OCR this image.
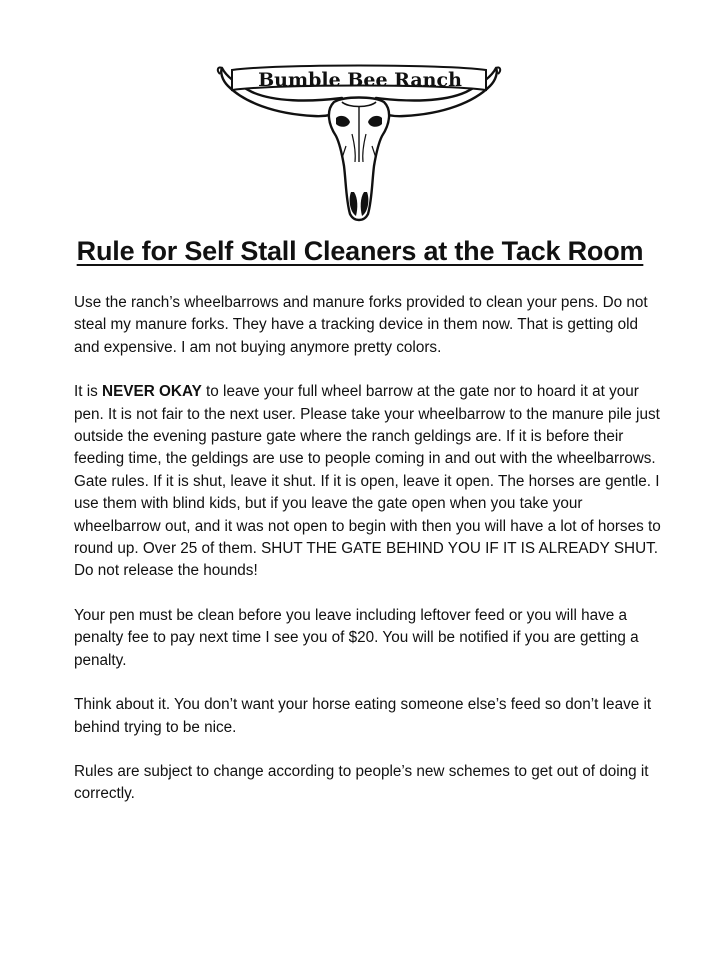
Bumble Bee Ranch
Rule for Self Stall Cleaners at the Tack Room

Use the ranch’s wheelbarrows and manure forks provided to clean your pens. Do not steal my manure forks. They have a tracking device in them now. That is getting old and expensive. I am not buying anymore pretty colors.

It is NEVER OKAY to leave your full wheel barrow at the gate nor to hoard it at your pen. It is not fair to the next user. Please take your wheelbarrow to the manure pile just outside the evening pasture gate where the ranch geldings are. If it is before their feeding time, the geldings are use to people coming in and out with the wheelbarrows. Gate rules. If it is shut, leave it shut. If it is open, leave it open. The horses are gentle. I use them with blind kids, but if you leave the gate open when you take your wheelbarrow out, and it was not open to begin with then you will have a lot of horses to round up. Over 25 of them. SHUT THE GATE BEHIND YOU IF IT IS ALREADY SHUT. Do not release the hounds!

Your pen must be clean before you leave including leftover feed or you will have a penalty fee to pay next time I see you of $20. You will be notified if you are getting a penalty.

Think about it. You don’t want your horse eating someone else’s feed so don’t leave it behind trying to be nice.

Rules are subject to change according to people’s new schemes to get out of doing it correctly.
